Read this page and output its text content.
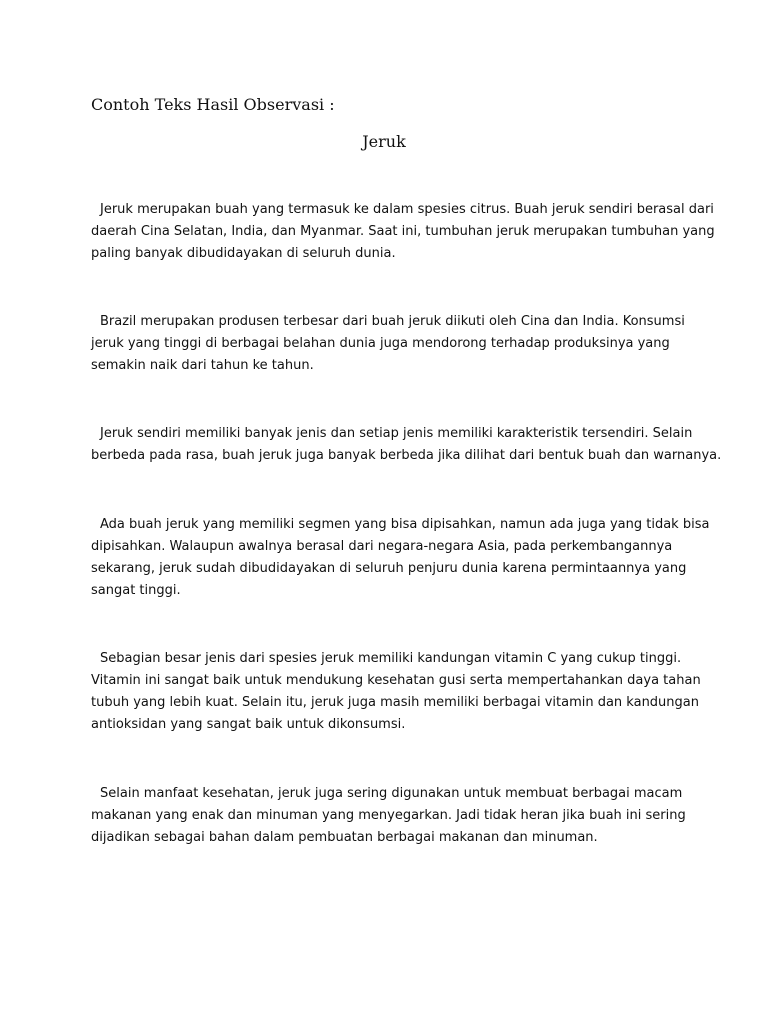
Contoh Teks Hasil Observasi :
Jeruk

Jeruk merupakan buah yang termasuk ke dalam spesies citrus. Buah jeruk sendiri berasal dari
daerah Cina Selatan, India, dan Myanmar. Saat ini, tumbuhan jeruk merupakan tumbuhan yang
paling banyak dibudidayakan di seluruh dunia.

Brazil merupakan produsen terbesar dari buah jeruk diikuti oleh Cina dan India. Konsumsi
jeruk yang tinggi di berbagai belahan dunia juga mendorong terhadap produksinya yang
semakin naik dari tahun ke tahun.

Jeruk sendiri memiliki banyak jenis dan setiap jenis memiliki karakteristik tersendiri. Selain
berbeda pada rasa, buah jeruk juga banyak berbeda jika dilihat dari bentuk buah dan warnanya.

Ada buah jeruk yang memiliki segmen yang bisa dipisahkan, namun ada juga yang tidak bisa
dipisahkan. Walaupun awalnya berasal dari negara-negara Asia, pada perkembangannya
sekarang, jeruk sudah dibudidayakan di seluruh penjuru dunia karena permintaannya yang
sangat tinggi.

Sebagian besar jenis dari spesies jeruk memiliki kandungan vitamin C yang cukup tinggi.
Vitamin ini sangat baik untuk mendukung kesehatan gusi serta mempertahankan daya tahan
tubuh yang lebih kuat. Selain itu, jeruk juga masih memiliki berbagai vitamin dan kandungan
antioksidan yang sangat baik untuk dikonsumsi.

Selain manfaat kesehatan, jeruk juga sering digunakan untuk membuat berbagai macam
makanan yang enak dan minuman yang menyegarkan. Jadi tidak heran jika buah ini sering
dijadikan sebagai bahan dalam pembuatan berbagai makanan dan minuman.
